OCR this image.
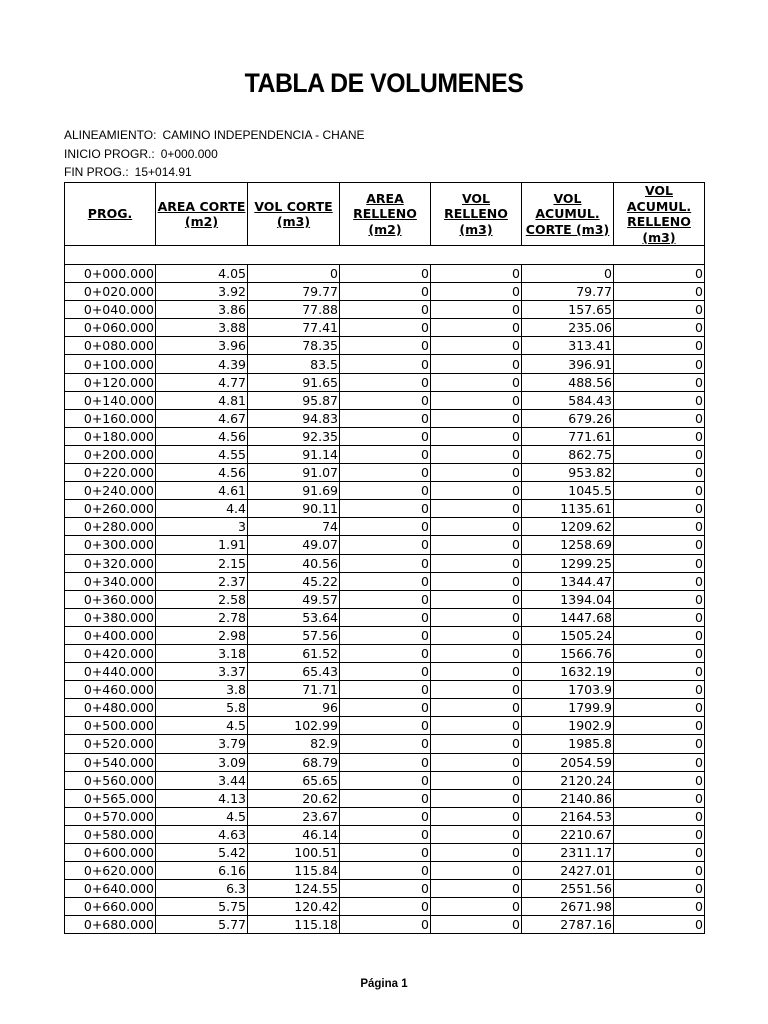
TABLA DE VOLUMENES
ALINEAMIENTO: CAMINO INDEPENDENCIA - CHANE
INICIO PROGR.: 0+000.000
FIN PROG.: 15+014.91
PROG.	AREA CORTE (m2)	VOL CORTE (m3)	AREA RELLENO (m2)	VOL RELLENO (m3)	VOL ACUMUL. CORTE (m3)	VOL ACUMUL. RELLENO (m3)

0+000.000	4.05	0	0	0	0	0
0+020.000	3.92	79.77	0	0	79.77	0
0+040.000	3.86	77.88	0	0	157.65	0
0+060.000	3.88	77.41	0	0	235.06	0
0+080.000	3.96	78.35	0	0	313.41	0
0+100.000	4.39	83.5	0	0	396.91	0
0+120.000	4.77	91.65	0	0	488.56	0
0+140.000	4.81	95.87	0	0	584.43	0
0+160.000	4.67	94.83	0	0	679.26	0
0+180.000	4.56	92.35	0	0	771.61	0
0+200.000	4.55	91.14	0	0	862.75	0
0+220.000	4.56	91.07	0	0	953.82	0
0+240.000	4.61	91.69	0	0	1045.5	0
0+260.000	4.4	90.11	0	0	1135.61	0
0+280.000	3	74	0	0	1209.62	0
0+300.000	1.91	49.07	0	0	1258.69	0
0+320.000	2.15	40.56	0	0	1299.25	0
0+340.000	2.37	45.22	0	0	1344.47	0
0+360.000	2.58	49.57	0	0	1394.04	0
0+380.000	2.78	53.64	0	0	1447.68	0
0+400.000	2.98	57.56	0	0	1505.24	0
0+420.000	3.18	61.52	0	0	1566.76	0
0+440.000	3.37	65.43	0	0	1632.19	0
0+460.000	3.8	71.71	0	0	1703.9	0
0+480.000	5.8	96	0	0	1799.9	0
0+500.000	4.5	102.99	0	0	1902.9	0
0+520.000	3.79	82.9	0	0	1985.8	0
0+540.000	3.09	68.79	0	0	2054.59	0
0+560.000	3.44	65.65	0	0	2120.24	0
0+565.000	4.13	20.62	0	0	2140.86	0
0+570.000	4.5	23.67	0	0	2164.53	0
0+580.000	4.63	46.14	0	0	2210.67	0
0+600.000	5.42	100.51	0	0	2311.17	0
0+620.000	6.16	115.84	0	0	2427.01	0
0+640.000	6.3	124.55	0	0	2551.56	0
0+660.000	5.75	120.42	0	0	2671.98	0
0+680.000	5.77	115.18	0	0	2787.16	0
Página 1
